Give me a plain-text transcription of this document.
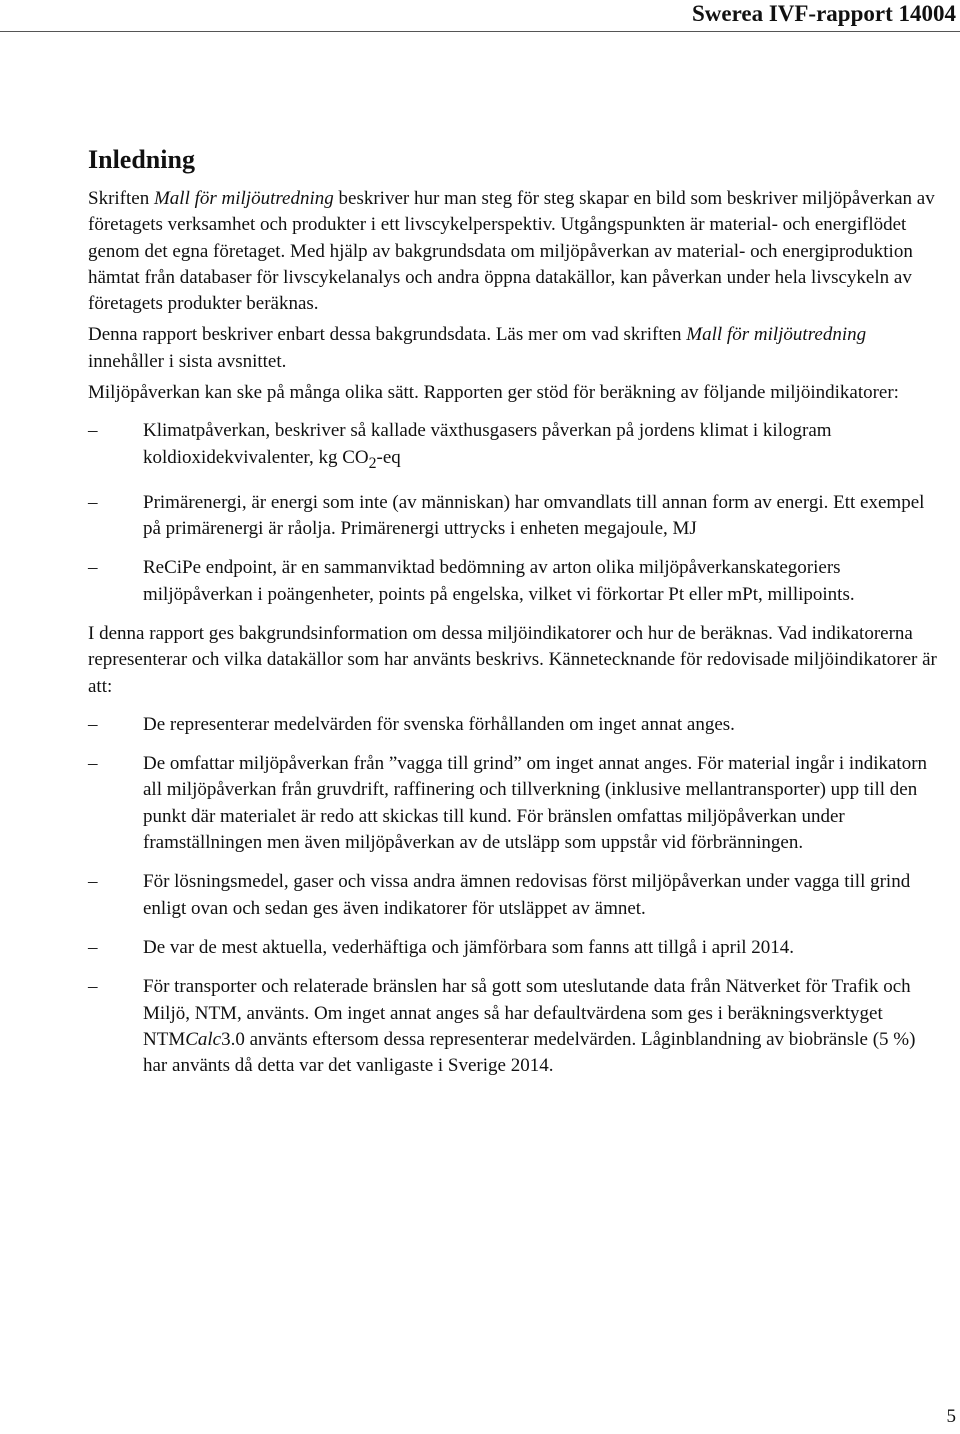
Swerea IVF-rapport 14004
Inledning

Skriften Mall för miljöutredning beskriver hur man steg för steg skapar en bild som beskriver miljöpåverkan av företagets verksamhet och produkter i ett livscykelperspektiv. Utgångspunkten är material- och energiflödet genom det egna företaget. Med hjälp av bakgrundsdata om miljöpåverkan av material- och energiproduktion hämtat från databaser för livscykelanalys och andra öppna datakällor, kan påverkan under hela livscykeln av företagets produkter beräknas.

Denna rapport beskriver enbart dessa bakgrundsdata. Läs mer om vad skriften Mall för miljöutredning innehåller i sista avsnittet.

Miljöpåverkan kan ske på många olika sätt. Rapporten ger stöd för beräkning av följande miljöindikatorer:

–	Klimatpåverkan, beskriver så kallade växthusgasers påverkan på jordens klimat i kilogram koldioxidekvivalenter, kg $CO_2-eq$
–	Primärenergi, är energi som inte (av människan) har omvandlats till annan form av energi. Ett exempel på primärenergi är råolja. Primärenergi uttrycks i enheten megajoule, MJ
–	ReCiPe endpoint, är en sammanviktad bedömning av arton olika miljöpåverkanskategoriers miljöpåverkan i poängenheter, points på engelska, vilket vi förkortar Pt eller mPt, millipoints.

I denna rapport ges bakgrundsinformation om dessa miljöindikatorer och hur de beräknas. Vad indikatorerna representerar och vilka datakällor som har använts beskrivs. Kännetecknande för redovisade miljöindikatorer är att:

–	De representerar medelvärden för svenska förhållanden om inget annat anges.
–	De omfattar miljöpåverkan från ”vagga till grind” om inget annat anges. För material ingår i indikatorn all miljöpåverkan från gruvdrift, raffinering och tillverkning (inklusive mellantransporter) upp till den punkt där materialet är redo att skickas till kund. För bränslen omfattas miljöpåverkan under framställningen men även miljöpåverkan av de utsläpp som uppstår vid förbränningen.
–	För lösningsmedel, gaser och vissa andra ämnen redovisas först miljöpåverkan under vagga till grind enligt ovan och sedan ges även indikatorer för utsläppet av ämnet.
–	De var de mest aktuella, vederhäftiga och jämförbara som fanns att tillgå i april 2014.
–	För transporter och relaterade bränslen har så gott som uteslutande data från Nätverket för Trafik och Miljö, NTM, använts. Om inget annat anges så har defaultvärdena som ges i beräkningsverktyget NTMCalc3.0 använts eftersom dessa representerar medelvärden. Låginblandning av biobränsle (5 %) har använts då detta var det vanligaste i Sverige 2014.
5
